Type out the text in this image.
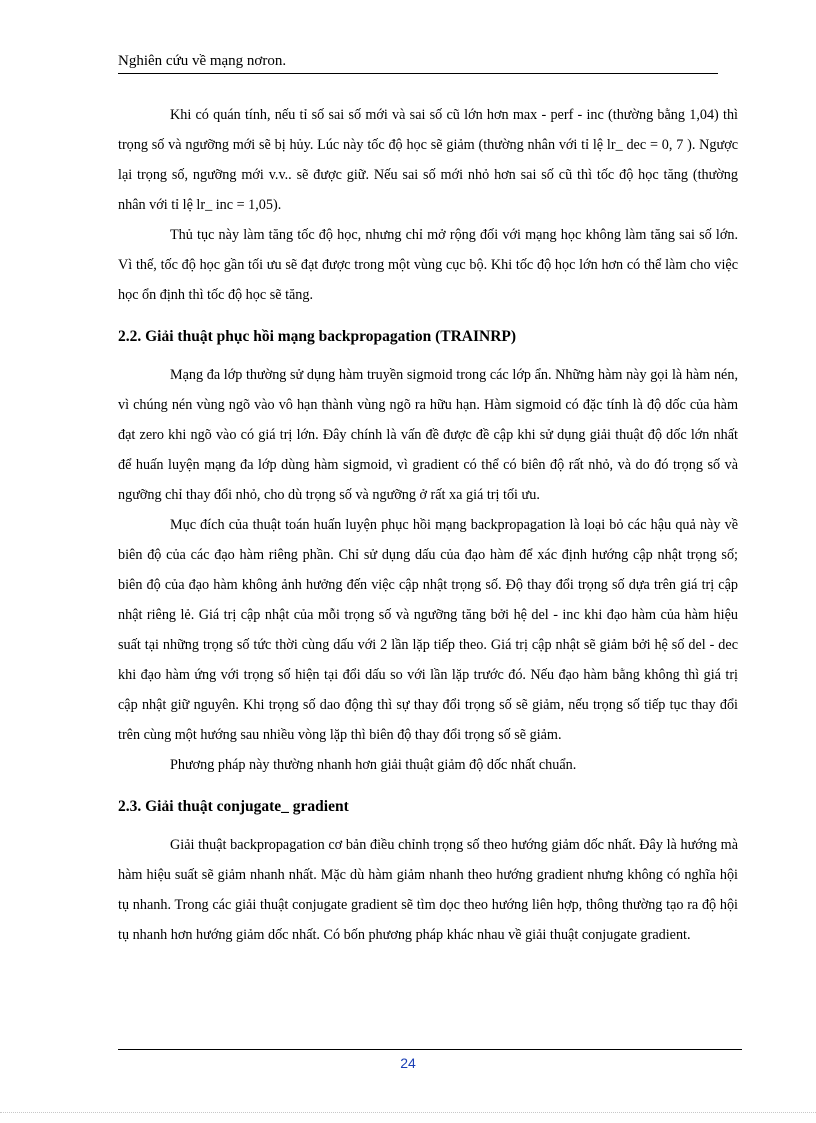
Nghiên cứu về mạng nơron.

Khi có quán tính, nếu tỉ số sai số mới và sai số cũ lớn hơn max - perf - inc (thường bằng 1,04) thì trọng số và ngưỡng mới sẽ bị hủy. Lúc này tốc độ học sẽ giảm (thường nhân với tỉ lệ lr_ dec = 0, 7 ). Ngược lại trọng số, ngưỡng mới v.v.. sẽ được giữ. Nếu sai số mới nhỏ hơn sai số cũ thì tốc độ học tăng (thường nhân với tỉ lệ lr_ inc = 1,05).

Thủ tục này làm tăng tốc độ học, nhưng chỉ mở rộng đối với mạng học không làm tăng sai số lớn. Vì thế, tốc độ học gần tối ưu sẽ đạt được trong một vùng cục bộ. Khi tốc độ học lớn hơn có thể làm cho việc học ổn định thì tốc độ học sẽ tăng.

2.2. Giải thuật phục hồi mạng backpropagation (TRAINRP)

Mạng đa lớp thường sử dụng hàm truyền sigmoid trong các lớp ẩn. Những hàm này gọi là hàm nén, vì chúng nén vùng ngõ vào vô hạn thành vùng ngõ ra hữu hạn. Hàm sigmoid có đặc tính là độ dốc của hàm đạt zero khi ngõ vào có giá trị lớn. Đây chính là vấn đề được đề cập khi sử dụng giải thuật độ dốc lớn nhất để huấn luyện mạng đa lớp dùng hàm sigmoid, vì gradient có thể có biên độ rất nhỏ, và do đó trọng số và ngưỡng chỉ thay đổi nhỏ, cho dù trọng số và ngưỡng ở rất xa giá trị tối ưu.

Mục đích của thuật toán huấn luyện phục hồi mạng backpropagation là loại bỏ các hậu quả này về biên độ của các đạo hàm riêng phần. Chỉ sử dụng dấu của đạo hàm để xác định hướng cập nhật trọng số; biên độ của đạo hàm không ảnh hưởng đến việc cập nhật trọng số. Độ thay đổi trọng số dựa trên giá trị cập nhật riêng lẻ. Giá trị cập nhật của mỗi trọng số và ngưỡng tăng bởi hệ del - inc khi đạo hàm của hàm hiệu suất tại những trọng số tức thời cùng dấu với 2 lần lặp tiếp theo. Giá trị cập nhật sẽ giảm bởi hệ số del - dec khi đạo hàm ứng với trọng số hiện tại đổi dấu so với lần lặp trước đó. Nếu đạo hàm bằng không thì giá trị cập nhật giữ nguyên. Khi trọng số dao động thì sự thay đổi trọng số sẽ giảm, nếu trọng số tiếp tục thay đổi trên cùng một hướng sau nhiều vòng lặp thì biên độ thay đổi trọng số sẽ giảm.

Phương pháp này thường nhanh hơn giải thuật giảm độ dốc nhất chuẩn.

2.3. Giải thuật conjugate_ gradient

Giải thuật backpropagation cơ bản điều chỉnh trọng số theo hướng giảm dốc nhất. Đây là hướng mà hàm hiệu suất sẽ giảm nhanh nhất. Mặc dù hàm giảm nhanh theo hướng gradient nhưng không có nghĩa hội tụ nhanh. Trong các giải thuật conjugate gradient sẽ tìm dọc theo hướng liên hợp, thông thường tạo ra độ hội tụ nhanh hơn hướng giảm dốc nhất. Có bốn phương pháp khác nhau về giải thuật conjugate gradient.

24
